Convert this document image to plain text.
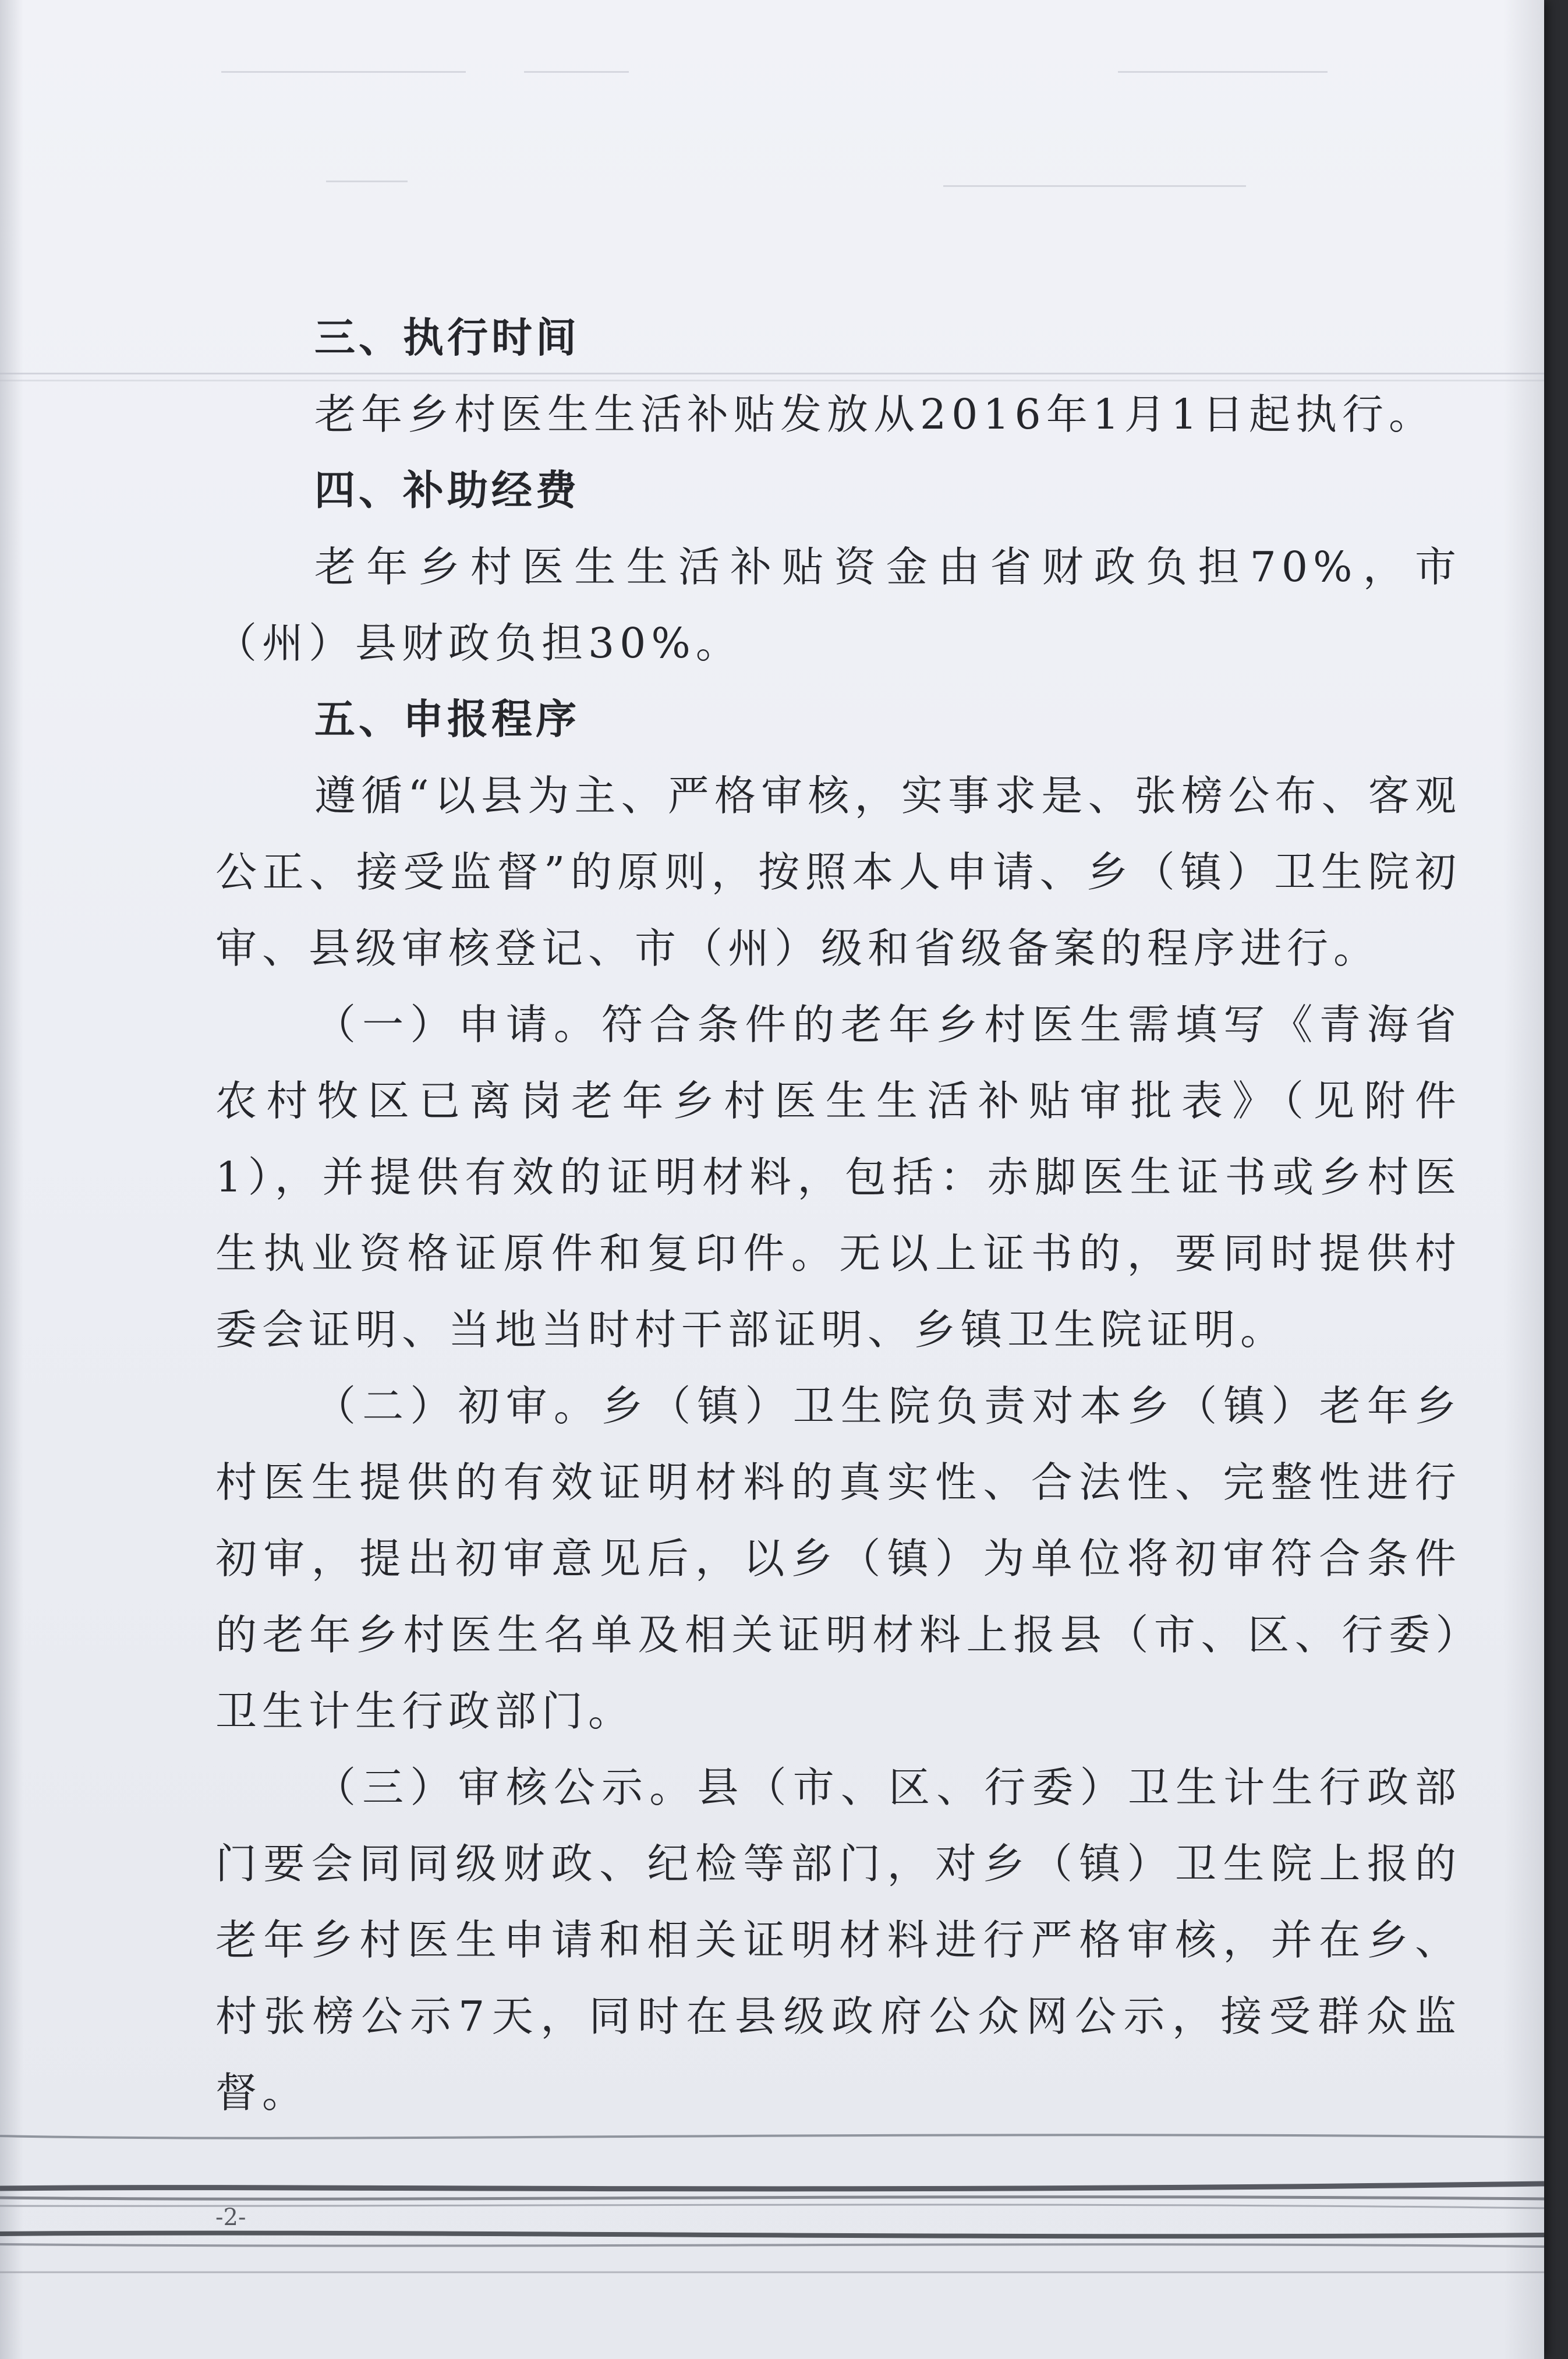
三、执行时间

老年乡村医生生活补贴发放从2016年1月1日起执行。

四、补助经费

老年乡村医生生活补贴资金由省财政负担70%，市（州）县财政负担30%。

五、申报程序

遵循“以县为主、严格审核，实事求是、张榜公布、客观公正、接受监督”的原则，按照本人申请、乡（镇）卫生院初审、县级审核登记、市（州）级和省级备案的程序进行。

（一）申请。符合条件的老年乡村医生需填写《青海省农村牧区已离岗老年乡村医生生活补贴审批表》（见附件1），并提供有效的证明材料，包括：赤脚医生证书或乡村医生执业资格证原件和复印件。无以上证书的，要同时提供村委会证明、当地当时村干部证明、乡镇卫生院证明。

（二）初审。乡（镇）卫生院负责对本乡（镇）老年乡村医生提供的有效证明材料的真实性、合法性、完整性进行初审，提出初审意见后，以乡（镇）为单位将初审符合条件的老年乡村医生名单及相关证明材料上报县（市、区、行委）卫生计生行政部门。

（三）审核公示。县（市、区、行委）卫生计生行政部门要会同同级财政、纪检等部门，对乡（镇）卫生院上报的老年乡村医生申请和相关证明材料进行严格审核，并在乡、村张榜公示7天，同时在县级政府公众网公示，接受群众监督。

-2-
